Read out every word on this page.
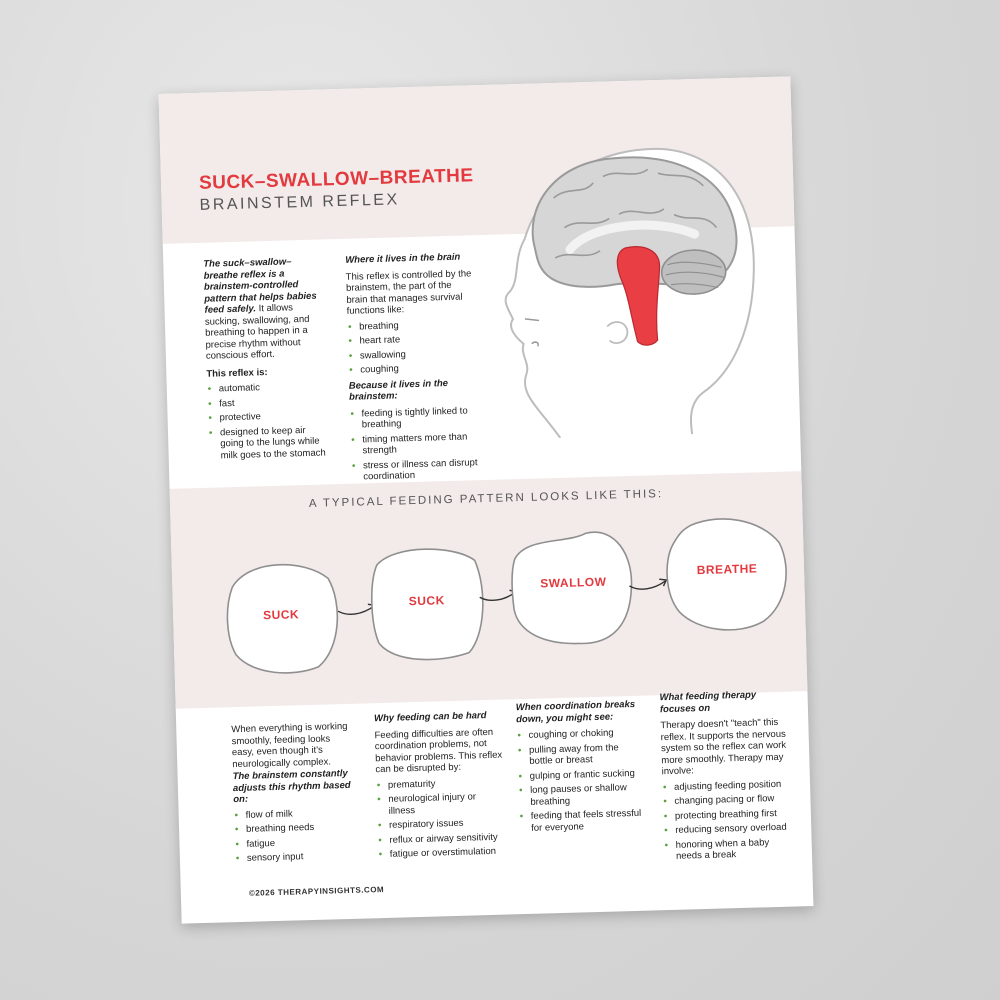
SUCK–SWALLOW–BREATHE
BRAINSTEM REFLEX

The suck–swallow–breathe reflex is a brainstem-controlled pattern that helps babies feed safely. It allows sucking, swallowing, and breathing to happen in a precise rhythm without conscious effort.

This reflex is:

• automatic
• fast
• protective
• designed to keep air going to the lungs while milk goes to the stomach

Where it lives in the brain

This reflex is controlled by the brainstem, the part of the brain that manages survival functions like:

• breathing
• heart rate
• swallowing
• coughing

Because it lives in the brainstem:

• feeding is tightly linked to breathing
• timing matters more than strength
• stress or illness can disrupt coordination
A TYPICAL FEEDING PATTERN LOOKS LIKE THIS:
SUCK
SUCK
SWALLOW
BREATHE

When everything is working smoothly, feeding looks easy, even though it's neurologically complex.

The brainstem constantly adjusts this rhythm based on:

• flow of milk
• breathing needs
• fatigue
• sensory input

Why feeding can be hard

Feeding difficulties are often coordination problems, not behavior problems. This reflex can be disrupted by:

• prematurity
• neurological injury or illness
• respiratory issues
• reflux or airway sensitivity
• fatigue or overstimulation

When coordination breaks down, you might see:

• coughing or choking
• pulling away from the bottle or breast
• gulping or frantic sucking
• long pauses or shallow breathing
• feeding that feels stressful for everyone

What feeding therapy focuses on

Therapy doesn't "teach" this reflex. It supports the nervous system so the reflex can work more smoothly. Therapy may involve:

• adjusting feeding position
• changing pacing or flow
• protecting breathing first
• reducing sensory overload
• honoring when a baby needs a break
©2026 THERAPYINSIGHTS.COM
